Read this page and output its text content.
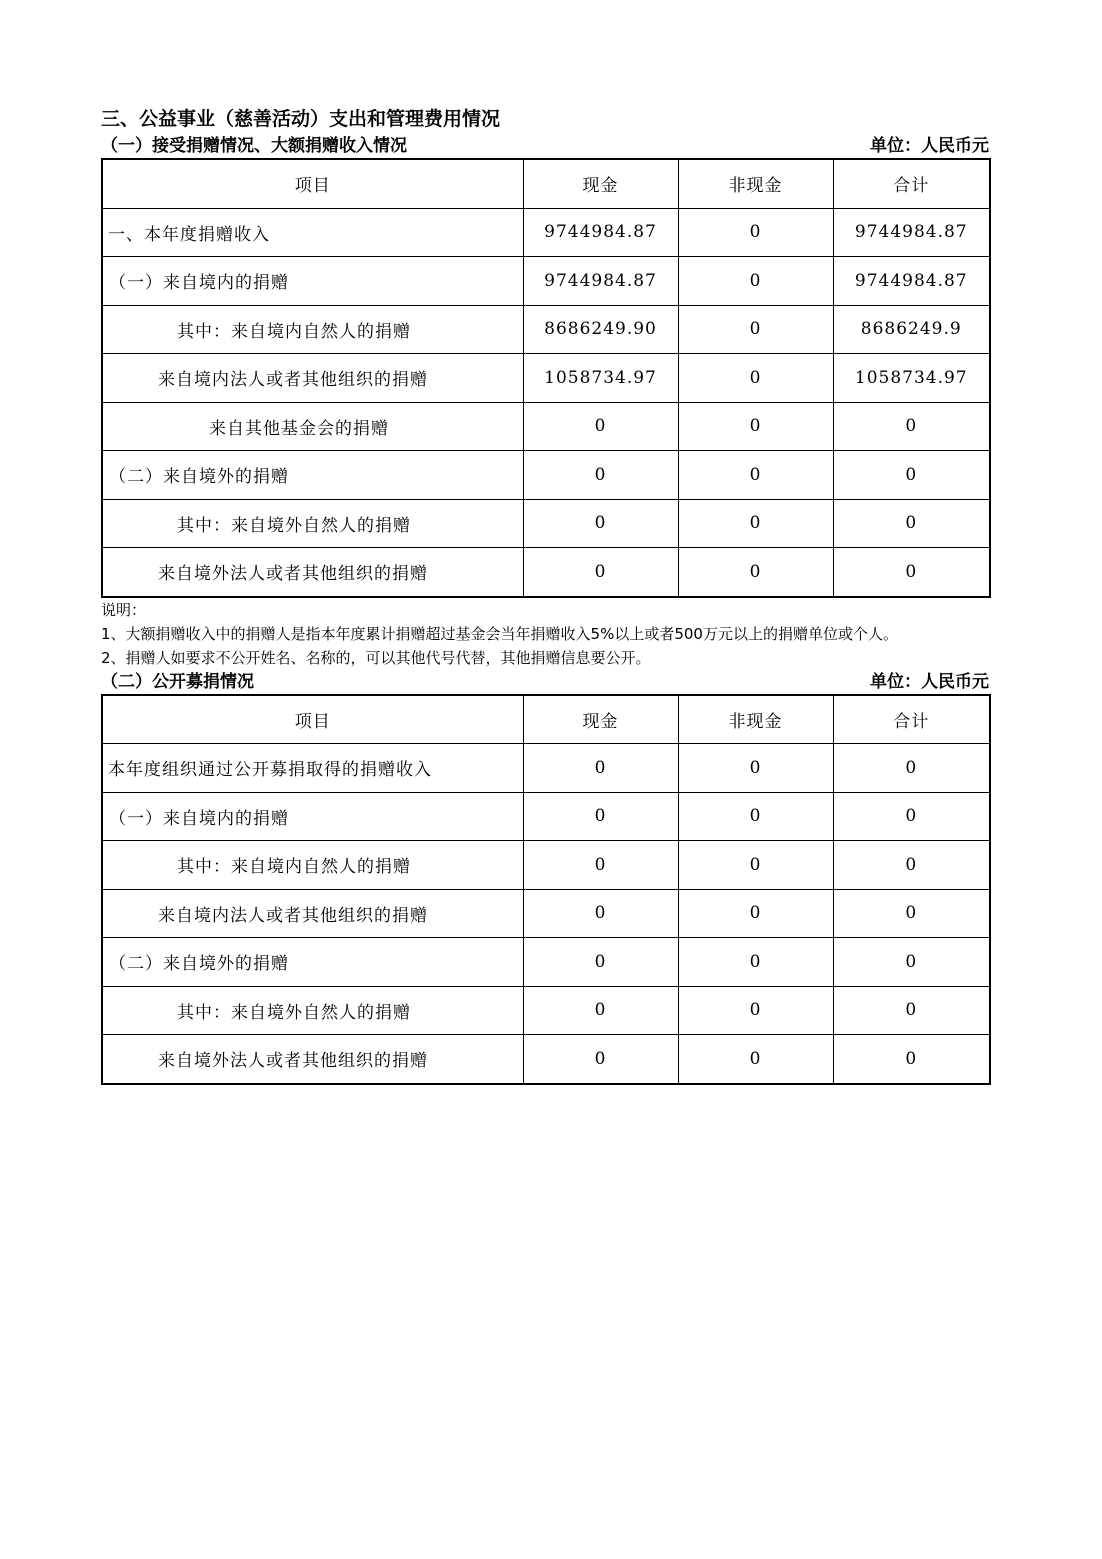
三、公益事业（慈善活动）支出和管理费用情况
（一）接受捐赠情况、大额捐赠收入情况	单位：人民币元
项目	现金	非现金	合计
一、本年度捐赠收入	9744984.87	0	9744984.87
（一）来自境内的捐赠	9744984.87	0	9744984.87
其中：来自境内自然人的捐赠	8686249.90	0	8686249.9
来自境内法人或者其他组织的捐赠	1058734.97	0	1058734.97
来自其他基金会的捐赠	0	0	0
（二）来自境外的捐赠	0	0	0
其中：来自境外自然人的捐赠	0	0	0
来自境外法人或者其他组织的捐赠	0	0	0
说明：
1、大额捐赠收入中的捐赠人是指本年度累计捐赠超过基金会当年捐赠收入5%以上或者500万元以上的捐赠单位或个人。
2、捐赠人如要求不公开姓名、名称的，可以其他代号代替，其他捐赠信息要公开。
（二）公开募捐情况	单位：人民币元
项目	现金	非现金	合计
本年度组织通过公开募捐取得的捐赠收入	0	0	0
（一）来自境内的捐赠	0	0	0
其中：来自境内自然人的捐赠	0	0	0
来自境内法人或者其他组织的捐赠	0	0	0
（二）来自境外的捐赠	0	0	0
其中：来自境外自然人的捐赠	0	0	0
来自境外法人或者其他组织的捐赠	0	0	0
